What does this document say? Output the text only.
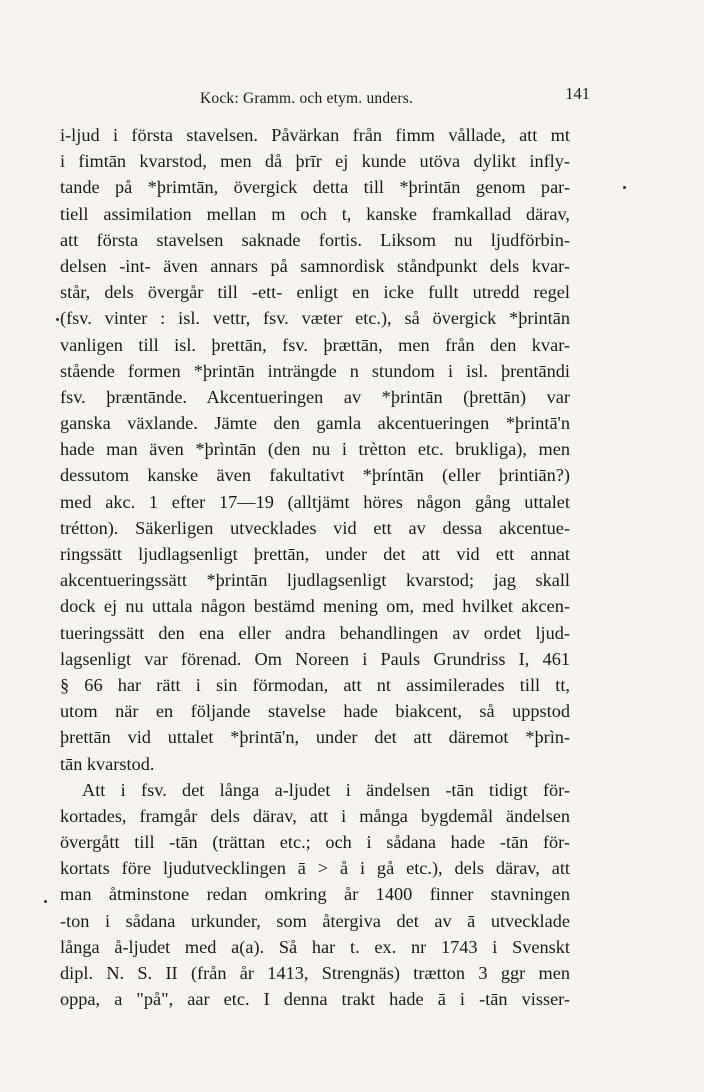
Kock: Gramm. och etym. unders.	141
i-ljud i första stavelsen. Påvärkan från fimm vållade, att mt
i fimtān kvarstod, men då þrīr ej kunde utöva dylikt infly-
tande på *þrimtān, övergick detta till *þrintān genom par-
tiell assimilation mellan m och t, kanske framkallad därav,
att första stavelsen saknade fortis. Liksom nu ljudförbin-
delsen -int- även annars på samnordisk ståndpunkt dels kvar-
står, dels övergår till -ett- enligt en icke fullt utredd regel
(fsv. vinter : isl. vettr, fsv. væter etc.), så övergick *þrintān
vanligen till isl. þrettān, fsv. þrættān, men från den kvar-
stående formen *þrintān inträngde n stundom i isl. þrentāndi
fsv. þræntānde. Akcentueringen av *þrintān (þrettān) var
ganska växlande. Jämte den gamla akcentueringen *þrintā'n
hade man även *þrìntān (den nu i trètton etc. brukliga), men
dessutom kanske även fakultativt *þríntān (eller þrintiān?)
med akc. 1 efter 17—19 (alltjämt höres någon gång uttalet
trétton). Säkerligen utvecklades vid ett av dessa akcentue-
ringssätt ljudlagsenligt þrettān, under det att vid ett annat
akcentueringssätt *þrintān ljudlagsenligt kvarstod; jag skall
dock ej nu uttala någon bestämd mening om, med hvilket akcen-
tueringssätt den ena eller andra behandlingen av ordet ljud-
lagsenligt var förenad. Om Noreen i Pauls Grundriss I, 461
§ 66 har rätt i sin förmodan, att nt assimilerades till tt,
utom när en följande stavelse hade biakcent, så uppstod
þrettān vid uttalet *þrintā'n, under det att däremot *þrìn-
tān kvarstod.
Att i fsv. det långa a-ljudet i ändelsen -tān tidigt för-
kortades, framgår dels därav, att i många bygdemål ändelsen
övergått till -tān (trättan etc.; och i sådana hade -tān för-
kortats före ljudutvecklingen ā > å i gå etc.), dels därav, att
man åtminstone redan omkring år 1400 finner stavningen
-ton i sådana urkunder, som återgiva det av ā utvecklade
långa å-ljudet med a(a). Så har t. ex. nr 1743 i Svenskt
dipl. N. S. II (från år 1413, Strengnäs) trætton 3 ggr men
oppa, a "på", aar etc. I denna trakt hade ā i -tān visser-
